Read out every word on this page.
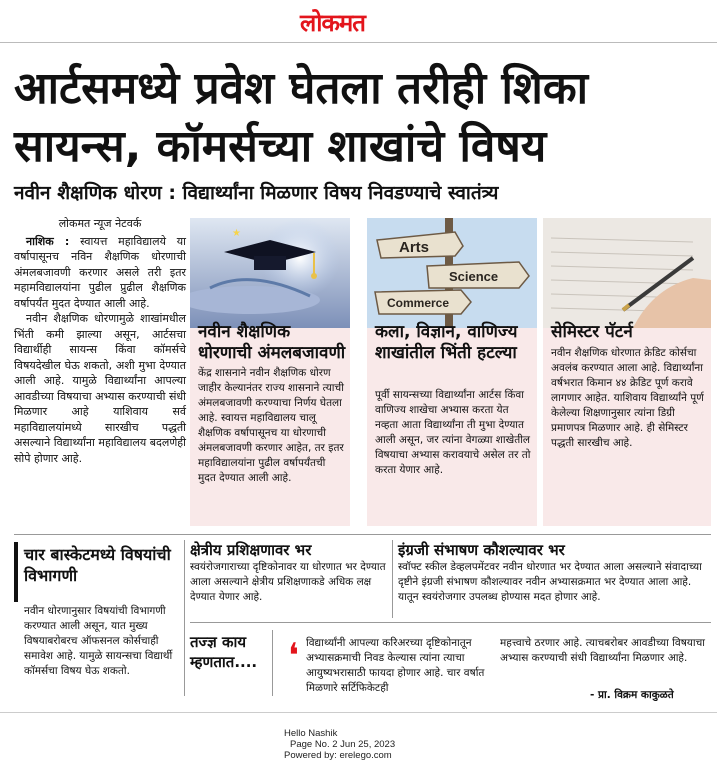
लोकमत
आर्टसमध्ये प्रवेश घेतला तरीही शिका सायन्स, कॉमर्सच्या शाखांचे विषय
नवीन शैक्षणिक धोरण : विद्यार्थ्यांना मिळणार विषय निवडण्याचे स्वातंत्र्य
लोकमत न्यूज नेटवर्क

नाशिक : स्वायत्त महाविद्यालये या वर्षापासूनच नविन शैक्षणिक धोरणाची अंमलबजावणी करणार असले तरी इतर महामविद्यालयांना पुढील प्रुढील शैक्षणिक वर्षापर्यंत मुदत देण्यात आली आहे.

नवीन शैक्षणिक धोरणामुळे शाखांमधील भिंती कमी झाल्या असून, आर्टसचा विद्यार्थीही सायन्स किंवा कॉमर्सचे विषयदेखील घेऊ शकतो, अशी मुभा देण्यात आली आहे. यामुळे विद्यार्थ्यांना आपल्या आवडीच्या विषयाचा अभ्यास करण्याची संधी मिळणार आहे याशिवाय सर्व महाविद्यालयांमध्ये सारखीच पद्धती असल्याने विद्यार्थ्यांना महाविद्यालय बदलणेही सोपे होणार आहे.

★
नवीन शैक्षणिक धोरणाची अंमलबजावणी
केंद्र शासनाने नवीन शैक्षणिक धोरण जाहीर केल्यानंतर राज्य शासनाने त्याची अंमलबजावणी करण्याचा निर्णय घेतला आहे. स्वायत्त महाविद्यालय चालू शैक्षणिक वर्षापासूनच या धोरणाची अंमलबजावणी करणार आहेत, तर इतर महाविद्यालयांना पुढील वर्षापर्यंतची मुदत देण्यात आली आहे.
Arts
Science
Commerce
कला, विज्ञान, वाणिज्य शाखांतील भिंती हटल्या
पूर्वी सायन्सच्या विद्यार्थ्यांना आर्टस किंवा वाणिज्य शाखेचा अभ्यास करता येत नव्हता आता विद्यार्थ्यांना ती मुभा देण्यात आली असून, जर त्यांना वेगळ्या शाखेतील विषयाचा अभ्यास करावयाचे असेल तर तो करता येणार आहे.
सेमिस्टर पॅटर्न
नवीन शैक्षणिक धोरणात क्रेडिट कोर्सचा अवलंब करण्यात आला आहे. विद्यार्थ्यांना वर्षभरात किमान ४४ क्रेडिट पूर्ण करावे लागणार आहेत. याशिवाय विद्यार्थ्यांने पूर्ण केलेल्या शिक्षणानुसार त्यांना डिग्री प्रमाणपत्र मिळणार आहे. ही सेमिस्टर पद्धती सारखीच आहे.
चार बास्केटमध्ये विषयांची विभागणी
नवीन धोरणानुसार विषयांची विभागणी करण्यात आली असून, यात मुख्य विषयाबरोबरच ऑफसनल कोर्सचाही समावेश आहे. यामुळे सायन्सचा विद्यार्थी कॉमर्सचा विषय घेऊ शकतो.
क्षेत्रीय प्रशिक्षणावर भर
स्वयंरोजगाराच्या दृष्टिकोनावर या धोरणात भर देण्यात आला असल्याने क्षेत्रीय प्रशिक्षणाकडे अधिक लक्ष देण्यात येणार आहे.
इंग्रजी संभाषण कौशल्यावर भर
स्वॉफ्ट स्कील डेव्हलपमेंटवर नवीन धोरणात भर देण्यात आला असल्याने संवादाच्या दृष्टीने इंग्रजी संभाषण कौशल्यावर नवीन अभ्यासक्रमात भर देण्यात आला आहे. यातून स्वयंरोजगार उपलब्ध होण्यास मदत होणार आहे.
तज्ज्ञ काय म्हणतात.... ❛ विद्यार्थ्यांनी आपल्या करिअरच्या दृष्टिकोनातून अभ्यासक्रमाची निवड केल्यास त्यांना त्याचा आयुष्यभरासाठी फायदा होणार आहे. चार वर्षात मिळणारे सर्टिफिकेटही
महत्त्वाचे ठरणार आहे. त्याचबरोबर आवडीच्या विषयाचा अभ्यास करण्याची संधी विद्यार्थ्यांना मिळणार आहे.
- प्रा. विक्रम काकुळते
Hello Nashik
Page No. 2 Jun 25, 2023
Powered by: erelego.com
